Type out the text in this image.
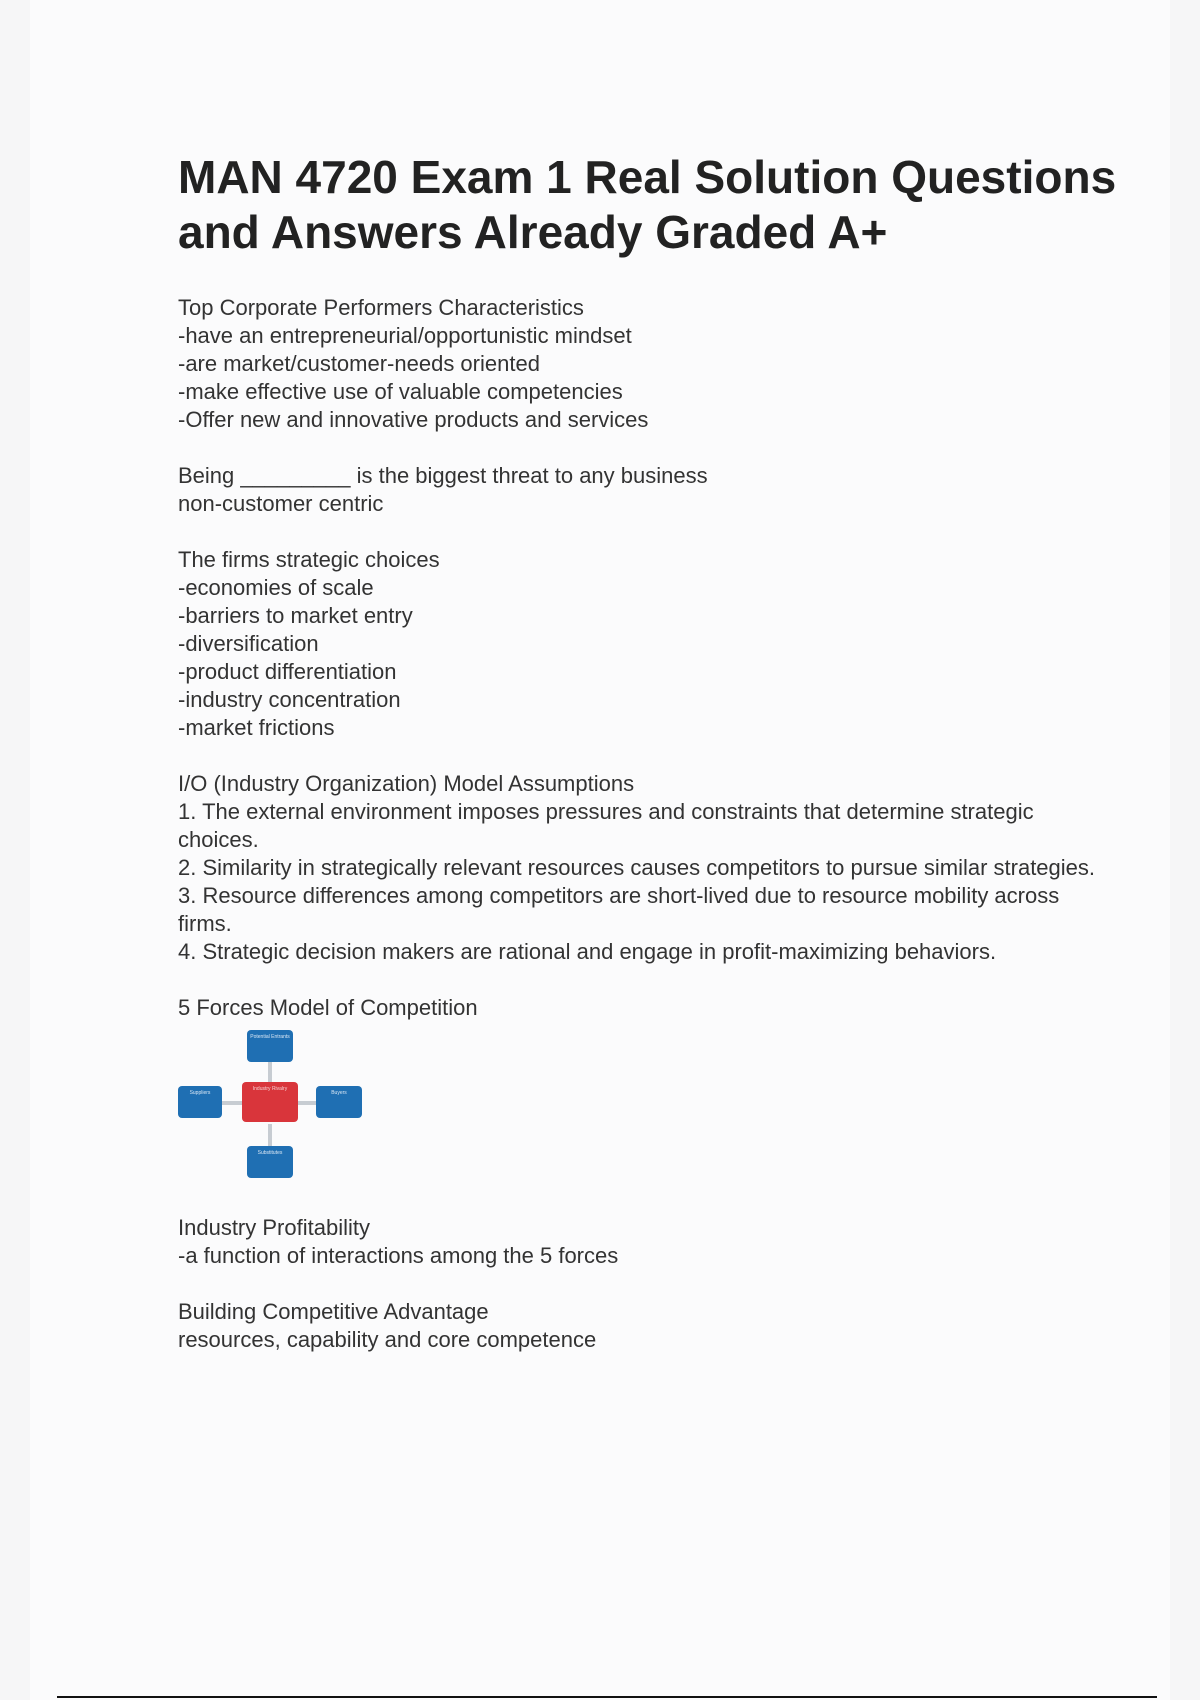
MAN 4720 Exam 1 Real Solution Questions and Answers Already Graded A+

Top Corporate Performers Characteristics

-have an entrepreneurial/opportunistic mindset

-are market/customer-needs oriented

-make effective use of valuable competencies

-Offer new and innovative products and services

Being _________ is the biggest threat to any business

non-customer centric

The firms strategic choices

-economies of scale

-barriers to market entry

-diversification

-product differentiation

-industry concentration

-market frictions

I/O (Industry Organization) Model Assumptions

1. The external environment imposes pressures and constraints that determine strategic choices.

2. Similarity in strategically relevant resources causes competitors to pursue similar strategies.

3. Resource differences among competitors are short-lived due to resource mobility across firms.

4. Strategic decision makers are rational and engage in profit-maximizing behaviors.

5 Forces Model of Competition

Potential Entrants
Suppliers
Industry Rivalry
Buyers
Substitutes

Industry Profitability

-a function of interactions among the 5 forces

Building Competitive Advantage

resources, capability and core competence
